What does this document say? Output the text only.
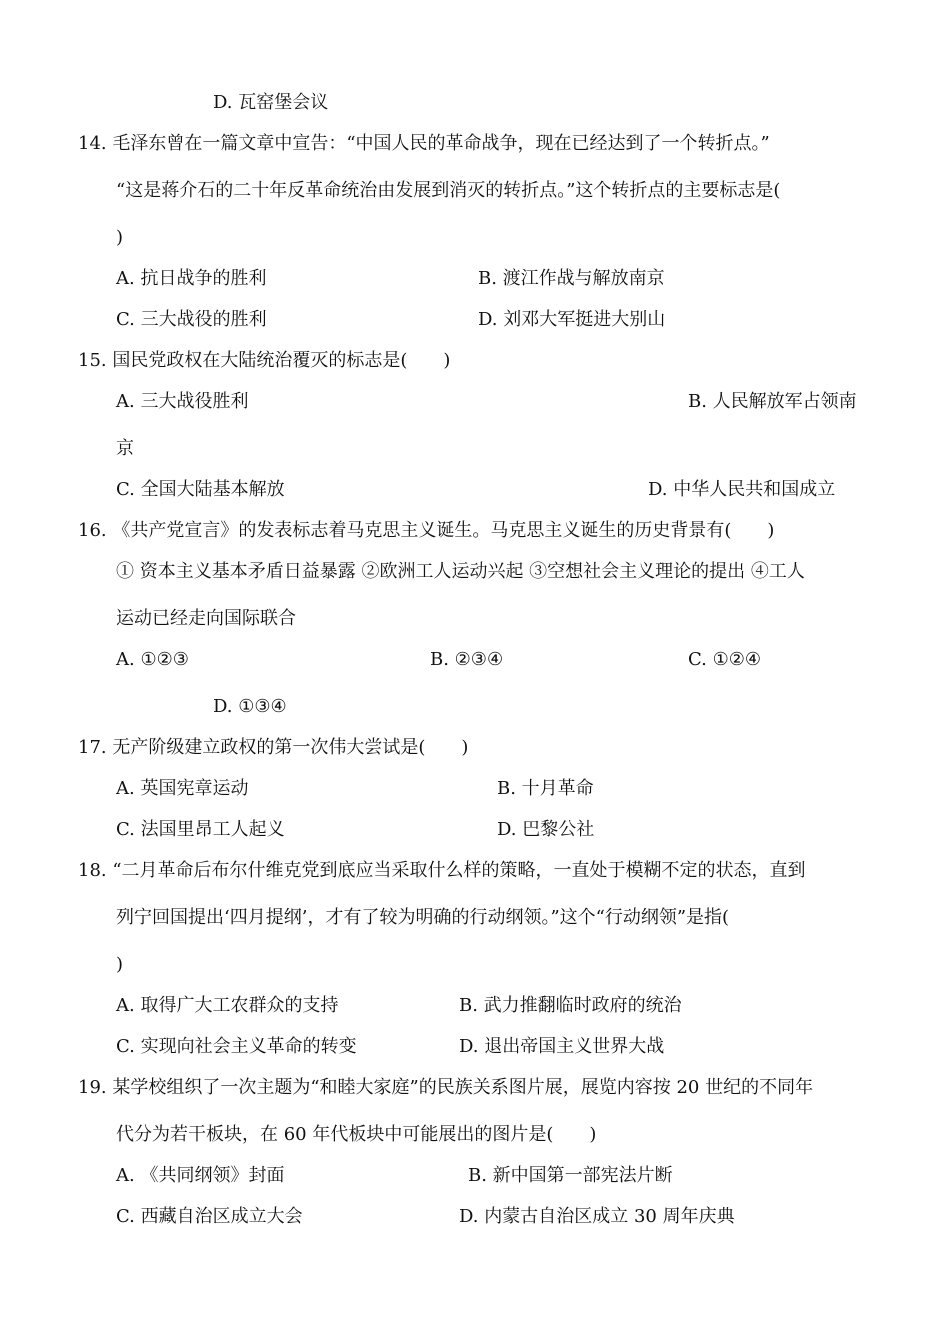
D. 瓦窑堡会议
14. 毛泽东曾在一篇文章中宣告：“中国人民的革命战争，现在已经达到了一个转折点。”
“这是蒋介石的二十年反革命统治由发展到消灭的转折点。”这个转折点的主要标志是(
)
A. 抗日战争的胜利	B. 渡江作战与解放南京
C. 三大战役的胜利	D. 刘邓大军挺进大别山
15. 国民党政权在大陆统治覆灭的标志是(　　)
A. 三大战役胜利	B. 人民解放军占领南
京
C. 全国大陆基本解放	D. 中华人民共和国成立
16. 《共产党宣言》的发表标志着马克思主义诞生。马克思主义诞生的历史背景有(　　)
① 资本主义基本矛盾日益暴露 ②欧洲工人运动兴起 ③空想社会主义理论的提出 ④工人
运动已经走向国际联合
A. ①②③	B. ②③④	C. ①②④
D. ①③④
17. 无产阶级建立政权的第一次伟大尝试是(　　)
A. 英国宪章运动	B. 十月革命
C. 法国里昂工人起义	D. 巴黎公社
18. “二月革命后布尔什维克党到底应当采取什么样的策略，一直处于模糊不定的状态，直到
列宁回国提出‘四月提纲’，才有了较为明确的行动纲领。”这个“行动纲领”是指(
)
A. 取得广大工农群众的支持	B. 武力推翻临时政府的统治
C. 实现向社会主义革命的转变	D. 退出帝国主义世界大战
19. 某学校组织了一次主题为“和睦大家庭”的民族关系图片展，展览内容按 20 世纪的不同年
代分为若干板块，在 60 年代板块中可能展出的图片是(　　)
A. 《共同纲领》封面	B. 新中国第一部宪法片断
C. 西藏自治区成立大会	D. 内蒙古自治区成立 30 周年庆典
